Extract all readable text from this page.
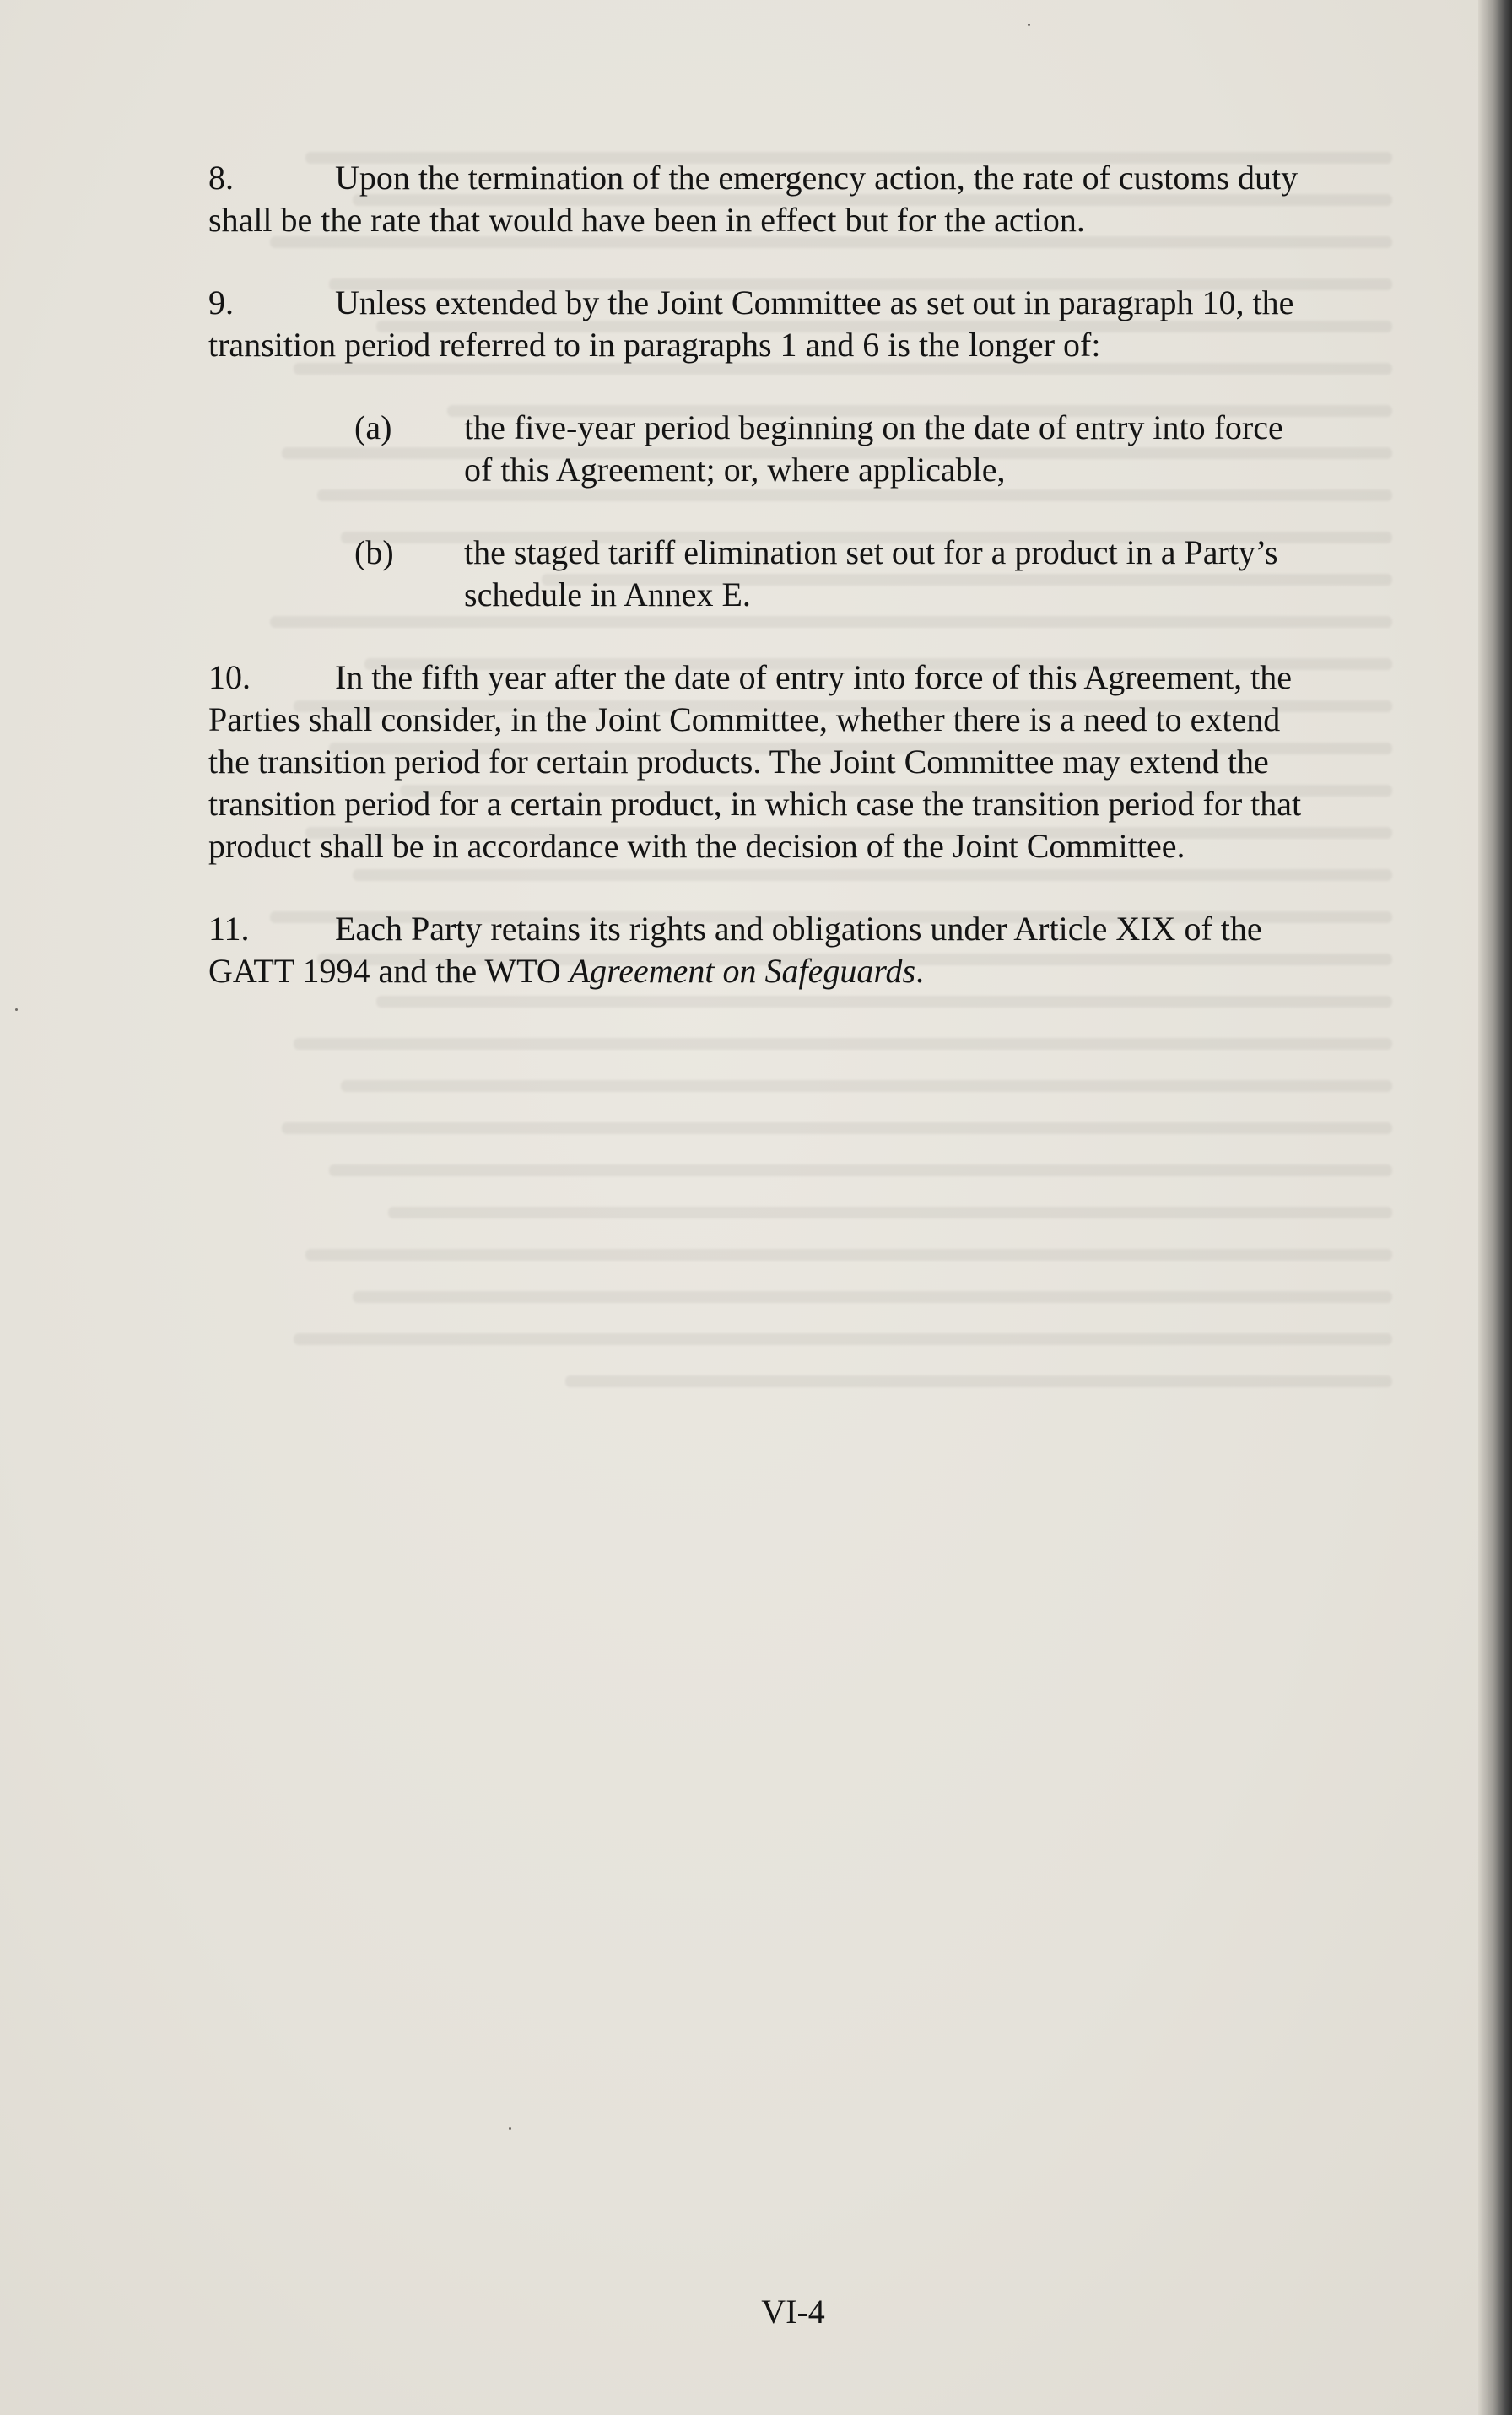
8.	Upon the termination of the emergency action, the rate of customs duty
shall be the rate that would have been in effect but for the action.

9.	Unless extended by the Joint Committee as set out in paragraph 10, the
transition period referred to in paragraphs 1 and 6 is the longer of:

(a) the five-year period beginning on the date of entry into force
of this Agreement; or, where applicable,

(b) the staged tariff elimination set out for a product in a Party’s
schedule in Annex E.

10.	In the fifth year after the date of entry into force of this Agreement, the
Parties shall consider, in the Joint Committee, whether there is a need to extend
the transition period for certain products. The Joint Committee may extend the
transition period for a certain product, in which case the transition period for that
product shall be in accordance with the decision of the Joint Committee.

11.	Each Party retains its rights and obligations under Article XIX of the
GATT 1994 and the WTO Agreement on Safeguards.

VI-4
